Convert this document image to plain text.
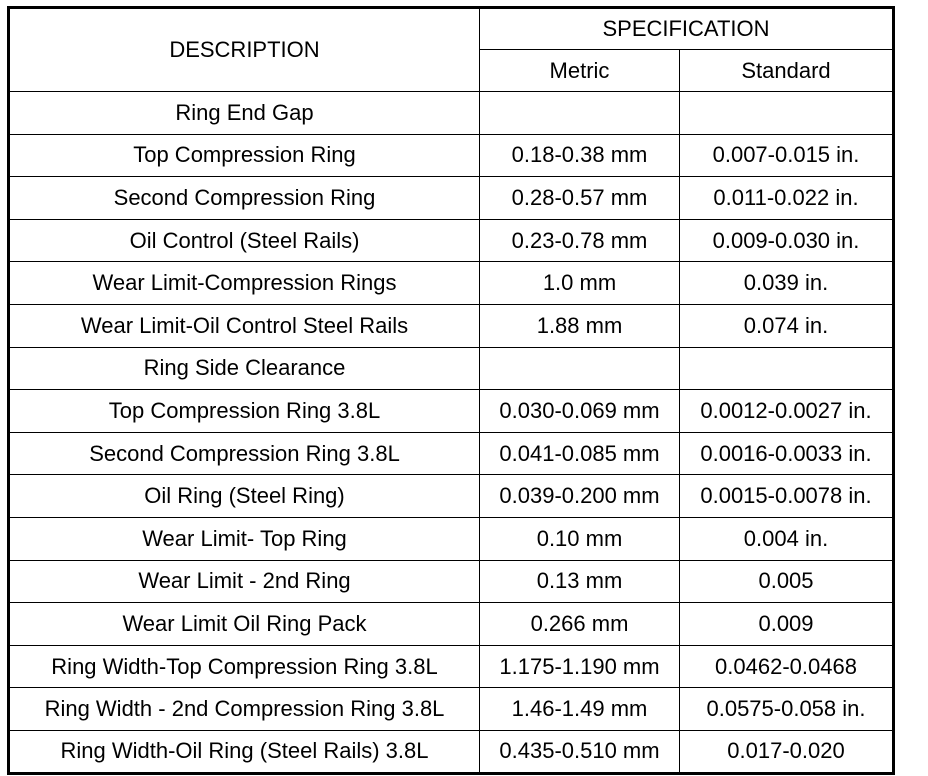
DESCRIPTION	SPECIFICATION	
	Metric	Standard
Ring End Gap		
Top Compression Ring	0.18-0.38 mm	0.007-0.015 in.
Second Compression Ring	0.28-0.57 mm	0.011-0.022 in.
Oil Control (Steel Rails)	0.23-0.78 mm	0.009-0.030 in.
Wear Limit-Compression Rings	1.0 mm	0.039 in.
Wear Limit-Oil Control Steel Rails	1.88 mm	0.074 in.
Ring Side Clearance		
Top Compression Ring 3.8L	0.030-0.069 mm	0.0012-0.0027 in.
Second Compression Ring 3.8L	0.041-0.085 mm	0.0016-0.0033 in.
Oil Ring (Steel Ring)	0.039-0.200 mm	0.0015-0.0078 in.
Wear Limit- Top Ring	0.10 mm	0.004 in.
Wear Limit - 2nd Ring	0.13 mm	0.005
Wear Limit Oil Ring Pack	0.266 mm	0.009
Ring Width-Top Compression Ring 3.8L	1.175-1.190 mm	0.0462-0.0468
Ring Width - 2nd Compression Ring 3.8L	1.46-1.49 mm	0.0575-0.058 in.
Ring Width-Oil Ring (Steel Rails) 3.8L	0.435-0.510 mm	0.017-0.020
